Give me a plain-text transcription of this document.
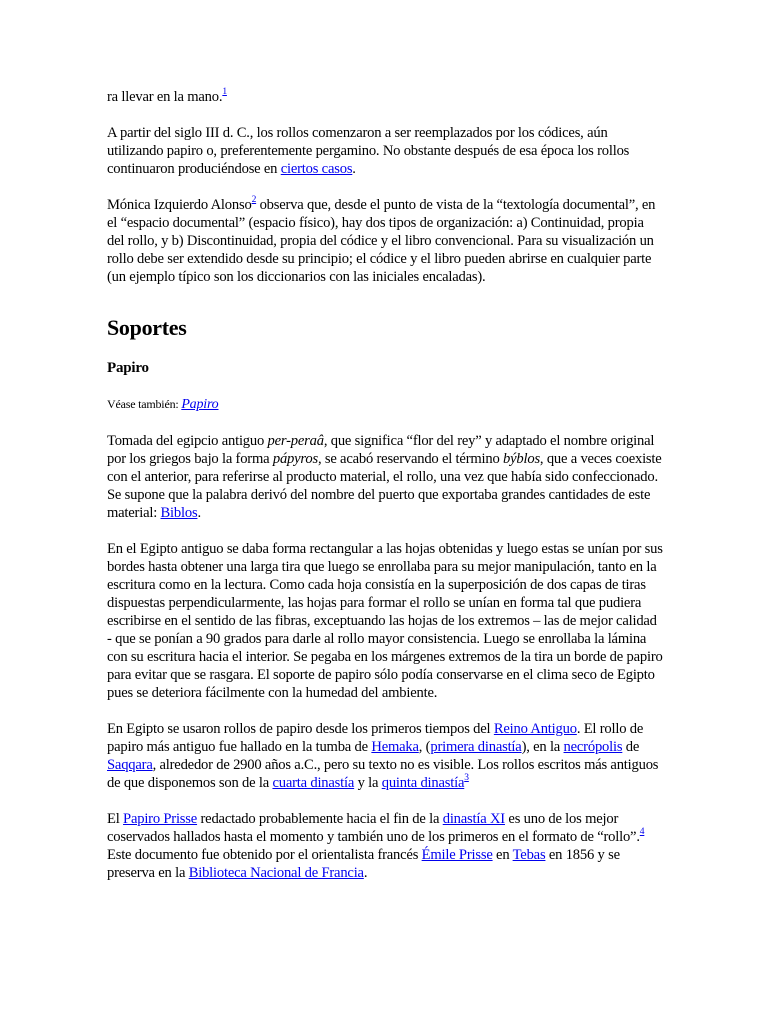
ra llevar en la mano.$^1$

A partir del siglo III d. C., los rollos comenzaron a ser reemplazados por los códices, aún utilizando papiro o, preferentemente pergamino. No obstante después de esa época los rollos continuaron produciéndose en ciertos casos.

Mónica Izquierdo Alonso$^2$ observa que, desde el punto de vista de la “textología documental”, en el “espacio documental” (espacio físico), hay dos tipos de organización: a) Continuidad, propia del rollo, y b) Discontinuidad, propia del códice y el libro convencional. Para su visualización un rollo debe ser extendido desde su principio; el códice y el libro pueden abrirse en cualquier parte (un ejemplo típico son los diccionarios con las iniciales encaladas).

Soportes
Papiro
Véase también: Papiro

Tomada del egipcio antiguo per-peraâ, que significa “flor del rey” y adaptado el nombre original por los griegos bajo la forma pápyros, se acabó reservando el término býblos, que a veces coexiste con el anterior, para referirse al producto material, el rollo, una vez que había sido confeccionado. Se supone que la palabra derivó del nombre del puerto que exportaba grandes cantidades de este material: Biblos.

En el Egipto antiguo se daba forma rectangular a las hojas obtenidas y luego estas se unían por sus bordes hasta obtener una larga tira que luego se enrollaba para su mejor manipulación, tanto en la escritura como en la lectura. Como cada hoja consistía en la superposición de dos capas de tiras dispuestas perpendicularmente, las hojas para formar el rollo se unían en forma tal que pudiera escribirse en el sentido de las fibras, exceptuando las hojas de los extremos – las de mejor calidad - que se ponían a 90 grados para darle al rollo mayor consistencia. Luego se enrollaba la lámina con su escritura hacia el interior. Se pegaba en los márgenes extremos de la tira un borde de papiro para evitar que se rasgara. El soporte de papiro sólo podía conservarse en el clima seco de Egipto pues se deteriora fácilmente con la humedad del ambiente.

En Egipto se usaron rollos de papiro desde los primeros tiempos del Reino Antiguo. El rollo de papiro más antiguo fue hallado en la tumba de Hemaka, (primera dinastía), en la necrópolis de Saqqara, alrededor de 2900 años a.C., pero su texto no es visible. Los rollos escritos más antiguos de que disponemos son de la cuarta dinastía y la quinta dinastía$^3$

El Papiro Prisse redactado probablemente hacia el fin de la dinastía XI es uno de los mejor coservados hallados hasta el momento y también uno de los primeros en el formato de “rollo”.$^4$ Este documento fue obtenido por el orientalista francés Émile Prisse en Tebas en 1856 y se preserva en la Biblioteca Nacional de Francia.
